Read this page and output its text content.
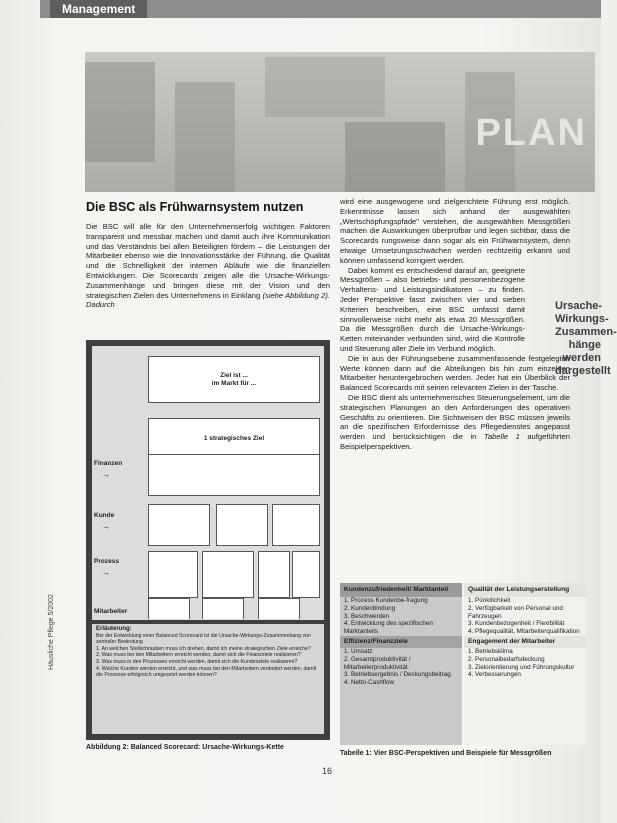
Management
PLAN
Die BSC als Frühwarnsystem nutzen

Die BSC will alle für den Unternehmenserfolg wichtigen Faktoren transparent und messbar machen und damit auch ihre Kommunikation und das Verständnis bei allen Beteiligten fördern – die Leistungen der Mitarbeiter ebenso wie die Innovationsstärke der Führung, die Qualität und die Schnelligkeit der internen Abläufe wie die finanziellen Entwicklungen. Die Scorecards zeigen alle die Ursache-Wirkungs-Zusammenhänge und bringen diese mit der Vision und den strategischen Zielen des Unternehmens in Einklang (siehe Abbildung 2). Dadurch

wird eine ausgewogene und zielgerichtete Führung erst möglich. Erkenntnisse lassen sich anhand der ausgewählten „Wertschöpfungspfade" verstehen, die ausgewählten Messgrößen machen die Auswirkungen überprüfbar und legen sichtbar, dass die Scorecards rungsweise dann sogar als ein Frühwarnsystem, denn etwaige Umsetzungsschwächen werden rechtzeitig erkannt und können umfassend korrigiert werden.

Dabei kommt es entscheidend darauf an, geeignete Messgrößen – also betriebs- und personenbezogene Verhaltens- und Leistungsindikatoren – zu finden. Jeder Perspektive fasst zwischen vier und sieben Kriterien beschreiben, eine BSC umfasst damit sinnvollerweise nicht mehr als etwa 20 Messgrößen. Da die Messgrößen durch die Ursache-Wirkungs-Ketten miteinander verbunden sind, wird die Kontrolle und Steuerung aller Ziele im Verbund möglich.

Die in aus der Führungsebene zusammenfassende festgelegten Werte können dann auf die Abteilungen bis hin zum einzelnen Mitarbeiter heruntergebrochen werden. Jeder hat ein Überblick der Balanced Scorecards mit seinen relevanten Zielen in der Tasche.

Die BSC dient als unternehmerisches Steuerungselement, um die strategischen Planungen an den Anforderungen des operativen Geschäfts zu orientieren. Die Sichtweisen der BSC müssen jeweils an die spezifischen Erfordernisse des Pflegedienstes angepasst werden und berücksichtigen die in Tabelle 1 aufgeführten Beispielperspektiven.

Ursache-
Wirkungs-
Zusammen-
hänge werden
dargestellt
Ziel ist ...
im Markt für ...
1 strategisches Ziel
Finanzen
→
Kunde
→
Prozess
→
Mitarbeiter
Erläuterung:
Bei der Entwicklung einer Balanced Scorecard ist die Ursache-Wirkungs-Zusammenhang von zentraler Bedeutung
1. An welchen Stellschrauben muss ich drehen, damit ich meine strategischen Ziele erreiche?
2. Was muss bei den Mitarbeitern erreicht werden, damit sich die Finanzziele realisieren?
3. Was muss in den Prozessen erreicht werden, damit sich die Kundenziele realisieren?
4. Welche Kunden werden erreicht, und was muss bei den Mitarbeitern verändert werden, damit die Prozesse erfolgreich umgesetzt werden können?
Abbildung 2: Balanced Scorecard: Ursache-Wirkungs-Kette
Kundenzufriedenheit/ Marktanteil
1. Prozess Kundenbe-fragung
2. Kundenbindung
3. Beschwerden
4. Entwicklung des spezifischen Marktanteils
Effizienz/Finanzziele
1. Umsatz
2. Gesamtproduktivität / Mitarbeiterproduktivität
3. Betriebsergebnis / Deckungsbeitrag
4. Netto-Cashflow
Qualität der Leistungserstellung
1. Pünktlichkeit
2. Verfügbarkeit von Personal und Fahrzeugen
3. Kundenbezogenheit / Flexibilität
4. Pflegequalität, Mitarbeiterqualifikation
Engagement der Mitarbeiter
1. Betriebsklima
2. Personalbedarfsdeckung
3. Zielorientierung und Führungskultur
4. Verbesserungen
Tabelle 1: Vier BSC-Perspektiven und Beispiele für Messgrößen
Häusliche Pflege 5/2002
16
